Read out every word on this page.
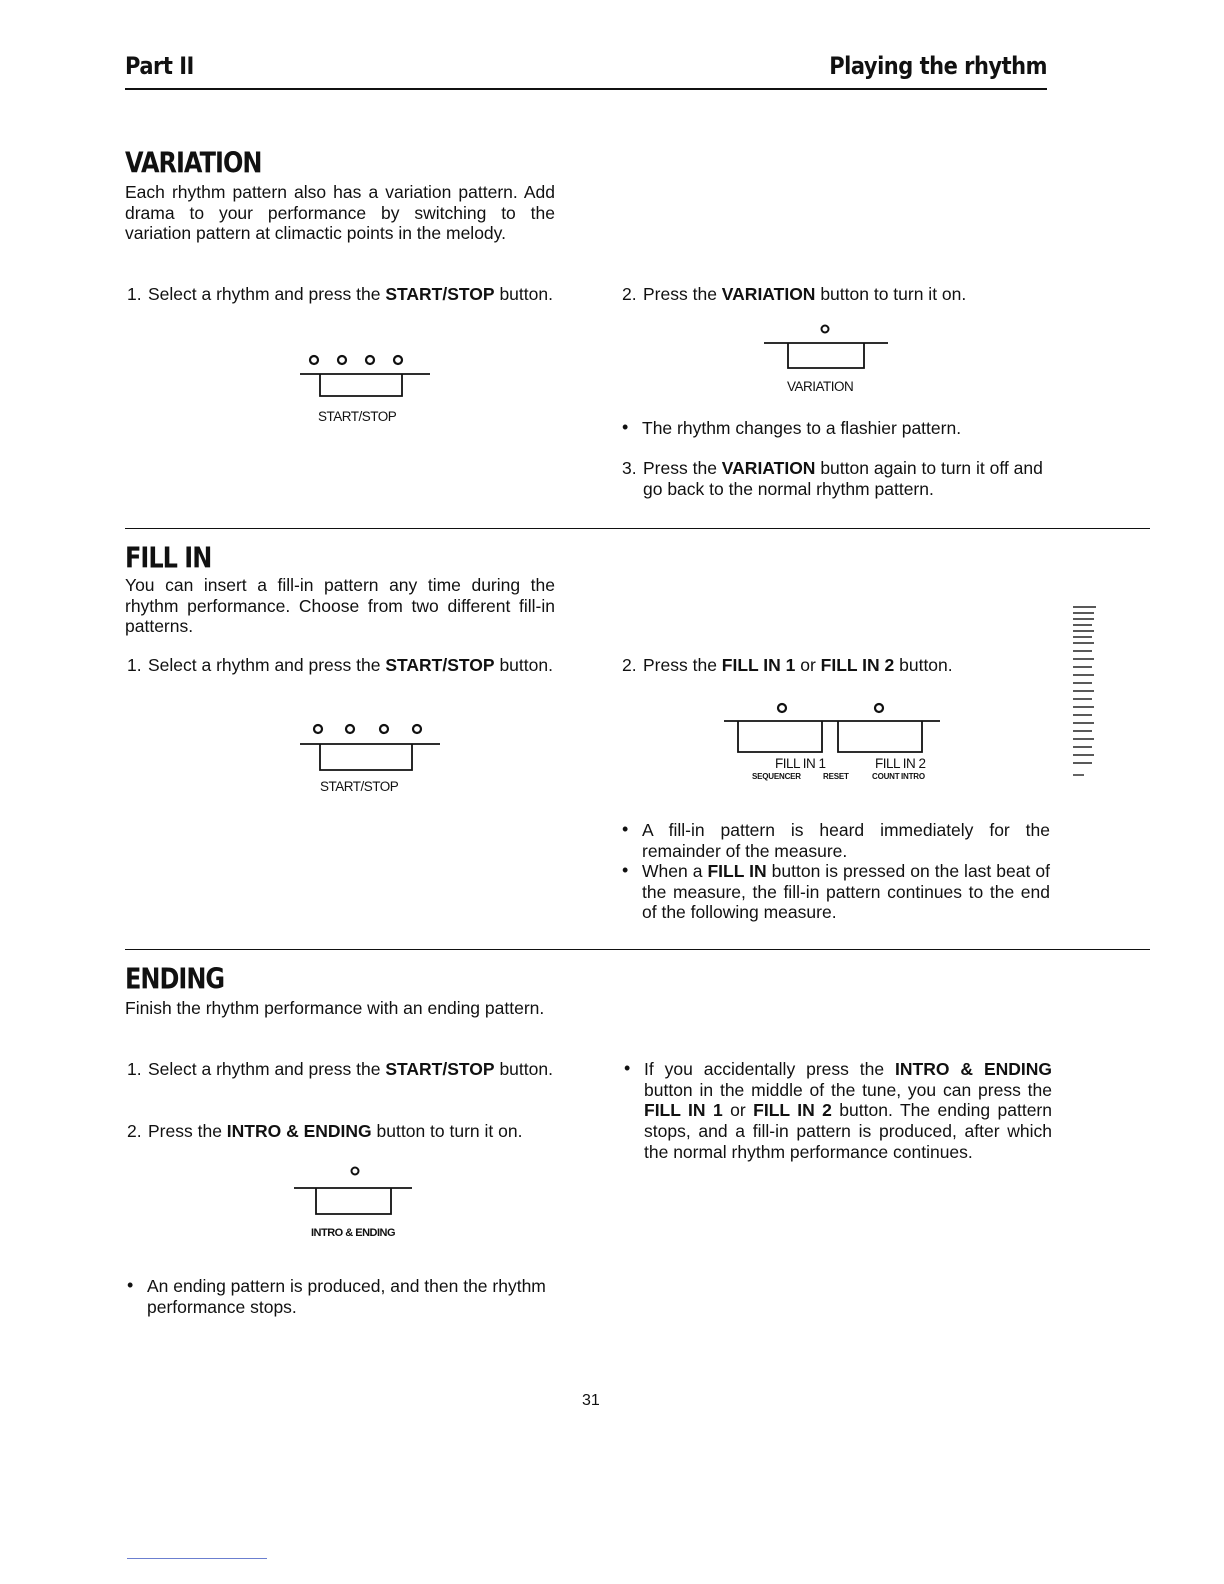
Part II	Playing the rhythm
VARIATION
Each rhythm pattern also has a variation pattern. Add drama to your performance by switching to the variation pattern at climactic points in the melody.
1. Select a rhythm and press the START/STOP button.
START/STOP
2. Press the VARIATION button to turn it on.
VARIATION
• The rhythm changes to a flashier pattern.
3. Press the VARIATION button again to turn it off and go back to the normal rhythm pattern.
FILL IN
You can insert a fill-in pattern any time during the rhythm performance. Choose from two different fill-in patterns.
1. Select a rhythm and press the START/STOP button.
START/STOP
2. Press the FILL IN 1 or FILL IN 2 button.
FILL IN 1	FILL IN 2
SEQUENCER	RESET	COUNT INTRO
• A fill-in pattern is heard immediately for the remainder of the measure.
• When a FILL IN button is pressed on the last beat of the measure, the fill-in pattern continues to the end of the following measure.
ENDING
Finish the rhythm performance with an ending pattern.
1. Select a rhythm and press the START/STOP button.
2. Press the INTRO & ENDING button to turn it on.
INTRO & ENDING
• An ending pattern is produced, and then the rhythm performance stops.
• If you accidentally press the INTRO & ENDING button in the middle of the tune, you can press the FILL IN 1 or FILL IN 2 button. The ending pattern stops, and a fill-in pattern is produced, after which the normal rhythm performance continues.
31
